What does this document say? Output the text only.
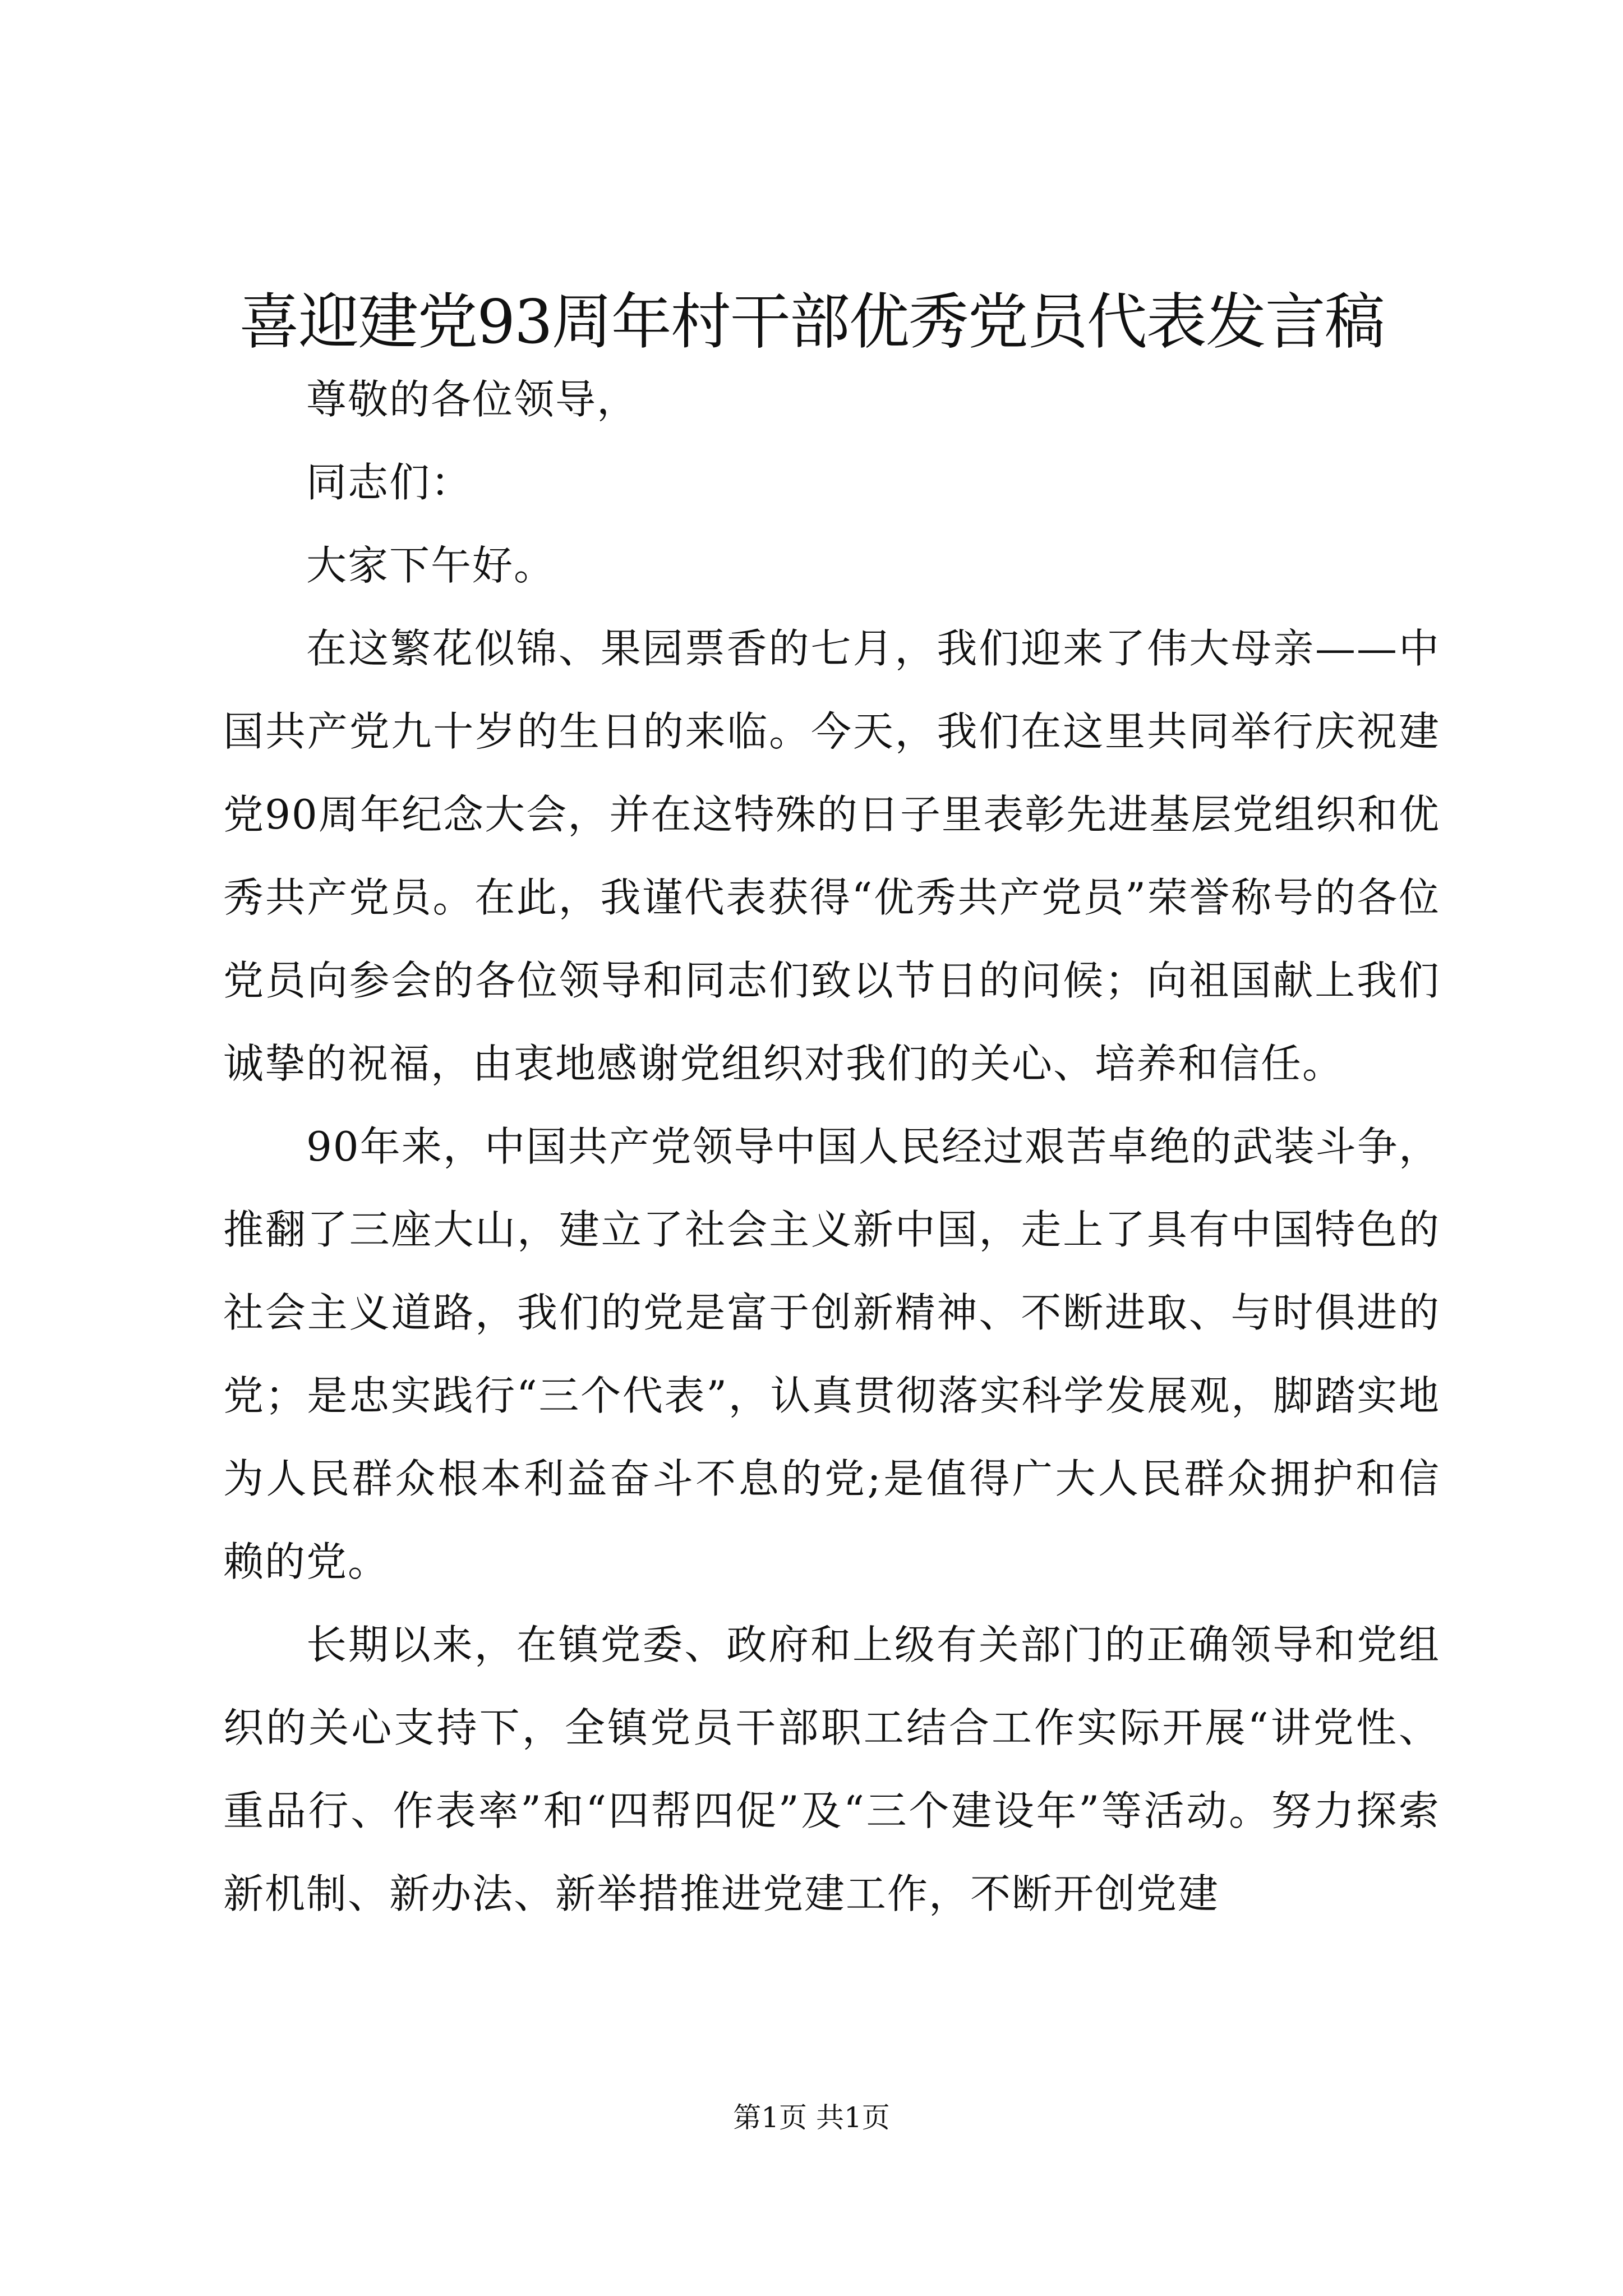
喜迎建党93周年村干部优秀党员代表发言稿

尊敬的各位领导，

同志们：

大家下午好。

在这繁花似锦、果园票香的七月，我们迎来了伟大母亲——中国共产党九十岁的生日的来临。今天，我们在这里共同举行庆祝建党90周年纪念大会，并在这特殊的日子里表彰先进基层党组织和优秀共产党员。在此，我谨代表获得“优秀共产党员”荣誉称号的各位党员向参会的各位领导和同志们致以节日的问候；向祖国献上我们诚挚的祝福，由衷地感谢党组织对我们的关心、培养和信任。

90年来，中国共产党领导中国人民经过艰苦卓绝的武装斗争，推翻了三座大山，建立了社会主义新中国，走上了具有中国特色的社会主义道路，我们的党是富于创新精神、不断进取、与时俱进的党；是忠实践行“三个代表”，认真贯彻落实科学发展观，脚踏实地为人民群众根本利益奋斗不息的党;是值得广大人民群众拥护和信赖的党。

长期以来，在镇党委、政府和上级有关部门的正确领导和党组织的关心支持下，全镇党员干部职工结合工作实际开展“讲党性、重品行、作表率”和“四帮四促”及“三个建设年”等活动。努力探索新机制、新办法、新举措推进党建工作，不断开创党建

第1页 共1页
